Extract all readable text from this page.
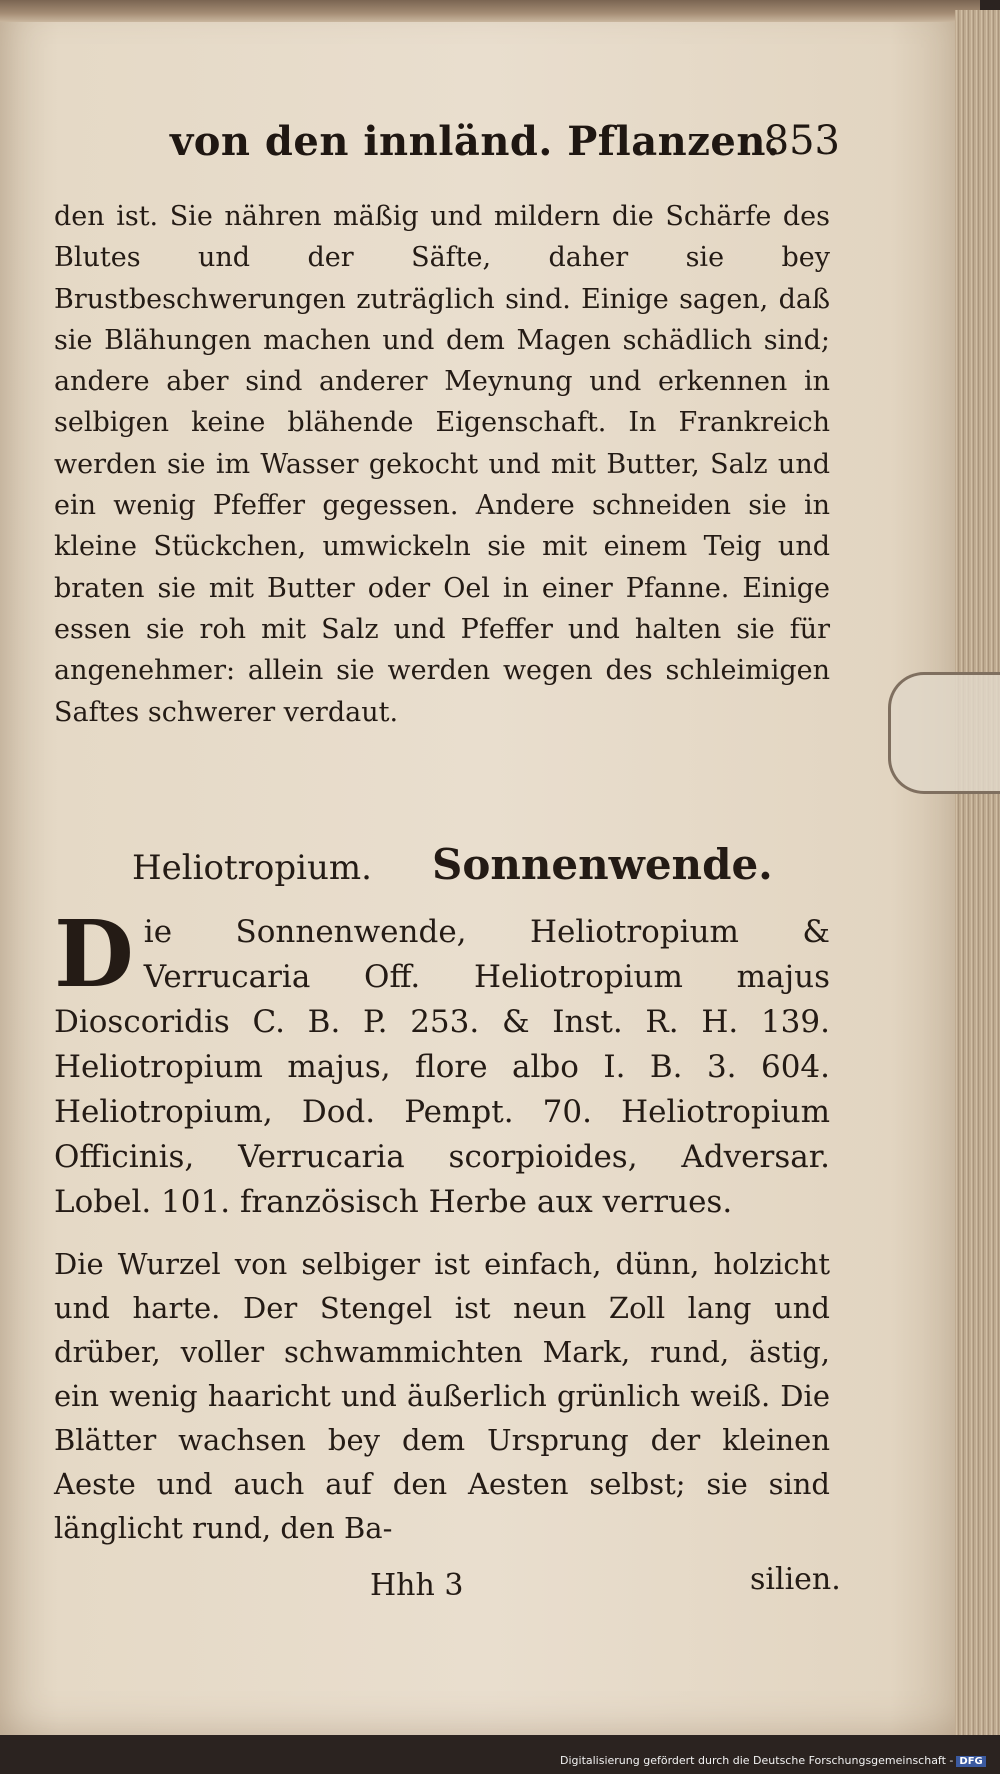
von den innländ. Pflanzen.
853
den ist. Sie nähren mäßig und mildern die Schärfe des Blutes und der Säfte, daher sie bey Brustbeschwerungen zuträglich sind. Einige sagen, daß sie Blähungen machen und dem Magen schädlich sind; andere aber sind anderer Meynung und erkennen in selbigen keine blähende Eigenschaft. In Frankreich werden sie im Wasser gekocht und mit Butter, Salz und ein wenig Pfeffer gegessen. Andere schneiden sie in kleine Stückchen, umwickeln sie mit einem Teig und braten sie mit Butter oder Oel in einer Pfanne. Einige essen sie roh mit Salz und Pfeffer und halten sie für angenehmer: allein sie werden wegen des schleimigen Saftes schwerer verdaut.
Heliotropium. Sonnenwende.
Die Sonnenwende, Heliotropium & Verrucaria Off. Heliotropium majus Dioscoridis C. B. P. 253. & Inst. R. H. 139. Heliotropium majus, flore albo I. B. 3. 604. Heliotropium, Dod. Pempt. 70. Heliotropium Officinis, Verrucaria scorpioides, Adversar. Lobel. 101. französisch Herbe aux verrues.
Die Wurzel von selbiger ist einfach, dünn, holzicht und harte. Der Stengel ist neun Zoll lang und drüber, voller schwammichten Mark, rund, ästig, ein wenig haaricht und äußerlich grünlich weiß. Die Blätter wachsen bey dem Ursprung der kleinen Aeste und auch auf den Aesten selbst; sie sind länglicht rund, den Ba-
Hhh 3	silien.
Digitalisierung gefördert durch die Deutsche Forschungsgemeinschaft - DFG
